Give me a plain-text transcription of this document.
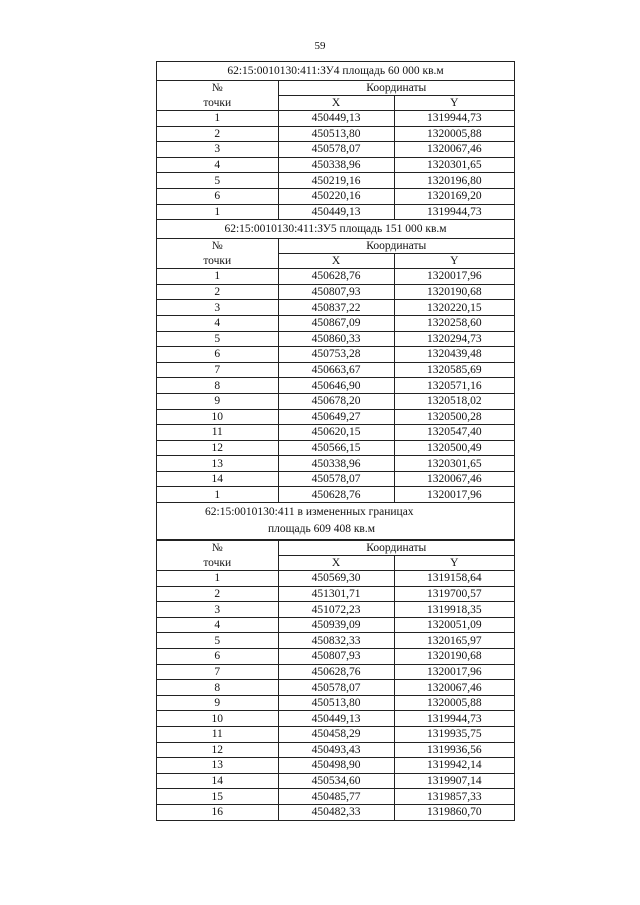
59
62:15:0010130:411:ЗУ4 площадь 60 000 кв.м
№	Координаты	
точки	X	Y
1	450449,13	1319944,73
2	450513,80	1320005,88
3	450578,07	1320067,46
4	450338,96	1320301,65
5	450219,16	1320196,80
6	450220,16	1320169,20
1	450449,13	1319944,73
62:15:0010130:411:ЗУ5 площадь 151 000 кв.м
№	Координаты	
точки	X	Y
1	450628,76	1320017,96
2	450807,93	1320190,68
3	450837,22	1320220,15
4	450867,09	1320258,60
5	450860,33	1320294,73
6	450753,28	1320439,48
7	450663,67	1320585,69
8	450646,90	1320571,16
9	450678,20	1320518,02
10	450649,27	1320500,28
11	450620,15	1320547,40
12	450566,15	1320500,49
13	450338,96	1320301,65
14	450578,07	1320067,46
1	450628,76	1320017,96
62:15:0010130:411 в измененных границах
площадь 609 408 кв.м
№	Координаты	
точки	X	Y
1	450569,30	1319158,64
2	451301,71	1319700,57
3	451072,23	1319918,35
4	450939,09	1320051,09
5	450832,33	1320165,97
6	450807,93	1320190,68
7	450628,76	1320017,96
8	450578,07	1320067,46
9	450513,80	1320005,88
10	450449,13	1319944,73
11	450458,29	1319935,75
12	450493,43	1319936,56
13	450498,90	1319942,14
14	450534,60	1319907,14
15	450485,77	1319857,33
16	450482,33	1319860,70
